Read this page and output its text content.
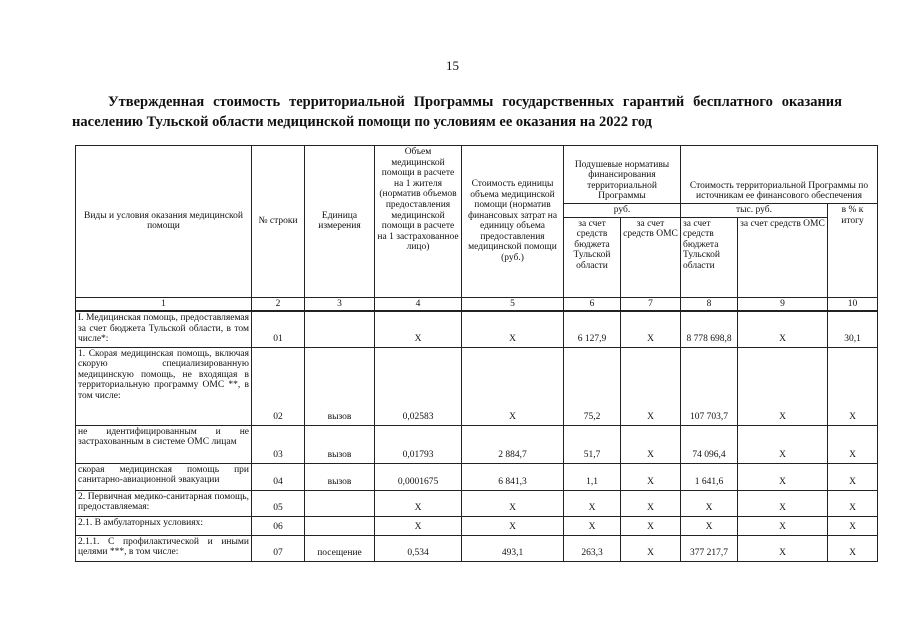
15
Утвержденная стоимость территориальной Программы государственных гарантий бесплатного оказания населению Тульской области медицинской помощи по условиям ее оказания на 2022 год
Виды и условия оказания медицинской помощи	№ строки	Единица измерения	Объем медицинской помощи в расчете на 1 жителя (норматив объемов предоставления медицинской помощи в расчете на 1 застрахованное лицо)	Стоимость единицы объема медицинской помощи (норматив финансовых затрат на единицу объема предоставления медицинской помощи (руб.)	Подушевые нормативы финансирования территориальной Программы		Стоимость территориальной Программы по источникам ее финансового обеспечения		
					руб.		тыс. руб.		в % к итогу
					за счет средств бюджета Тульской области	за счет средств ОМС	за счет средств бюджета Тульской области	за счет средств ОМС	
1	2	3	4	5	6	7	8	9	10
I. Медицинская помощь, предоставляемая за счет бюджета Тульской области, в том числе*:	01		X	X	6 127,9	X	8 778 698,8	X	30,1
1. Скорая медицинская помощь, включая скорую специализированную медицинскую помощь, не входящая в территориальную программу ОМС **, в том числе:	02	вызов	0,02583	X	75,2	X	107 703,7	X	X
не идентифицированным и не застрахованным в системе ОМС лицам	03	вызов	0,01793	2 884,7	51,7	X	74 096,4	X	X
скорая медицинская помощь при санитарно-авиационной эвакуации	04	вызов	0,0001675	6 841,3	1,1	X	1 641,6	X	X
2. Первичная медико-санитарная помощь, предоставляемая:	05		X	X	X	X	X	X	X
2.1. В амбулаторных условиях:	06		X	X	X	X	X	X	X
2.1.1. С профилактической и иными целями ***, в том числе:	07	посещение	0,534	493,1	263,3	X	377 217,7	X	X
